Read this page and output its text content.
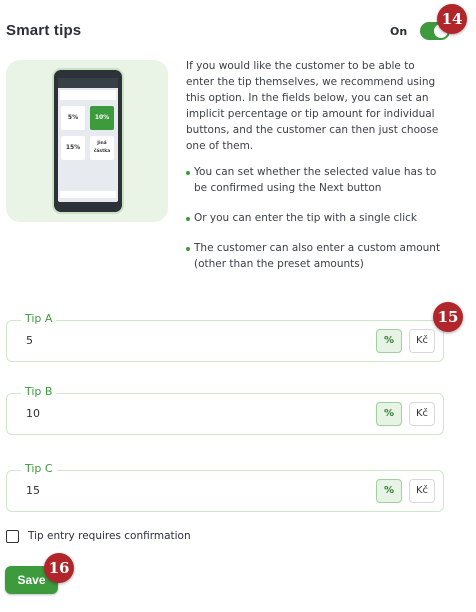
Smart tips	On
14
5%	10%
15%
Jiná částka

If you would like the customer to be able to enter the tip themselves, we recommend using this option. In the fields below, you can set an implicit percentage or tip amount for individual buttons, and the customer can then just choose one of them.

You can set whether the selected value has to be confirmed using the Next button
Or you can enter the tip with a single click
The customer can also enter a custom amount (other than the preset amounts)
Tip A
5	%	Kč
15
Tip B
10	%	Kč
Tip C
15	%	Kč
Tip entry requires confirmation
Save
16
